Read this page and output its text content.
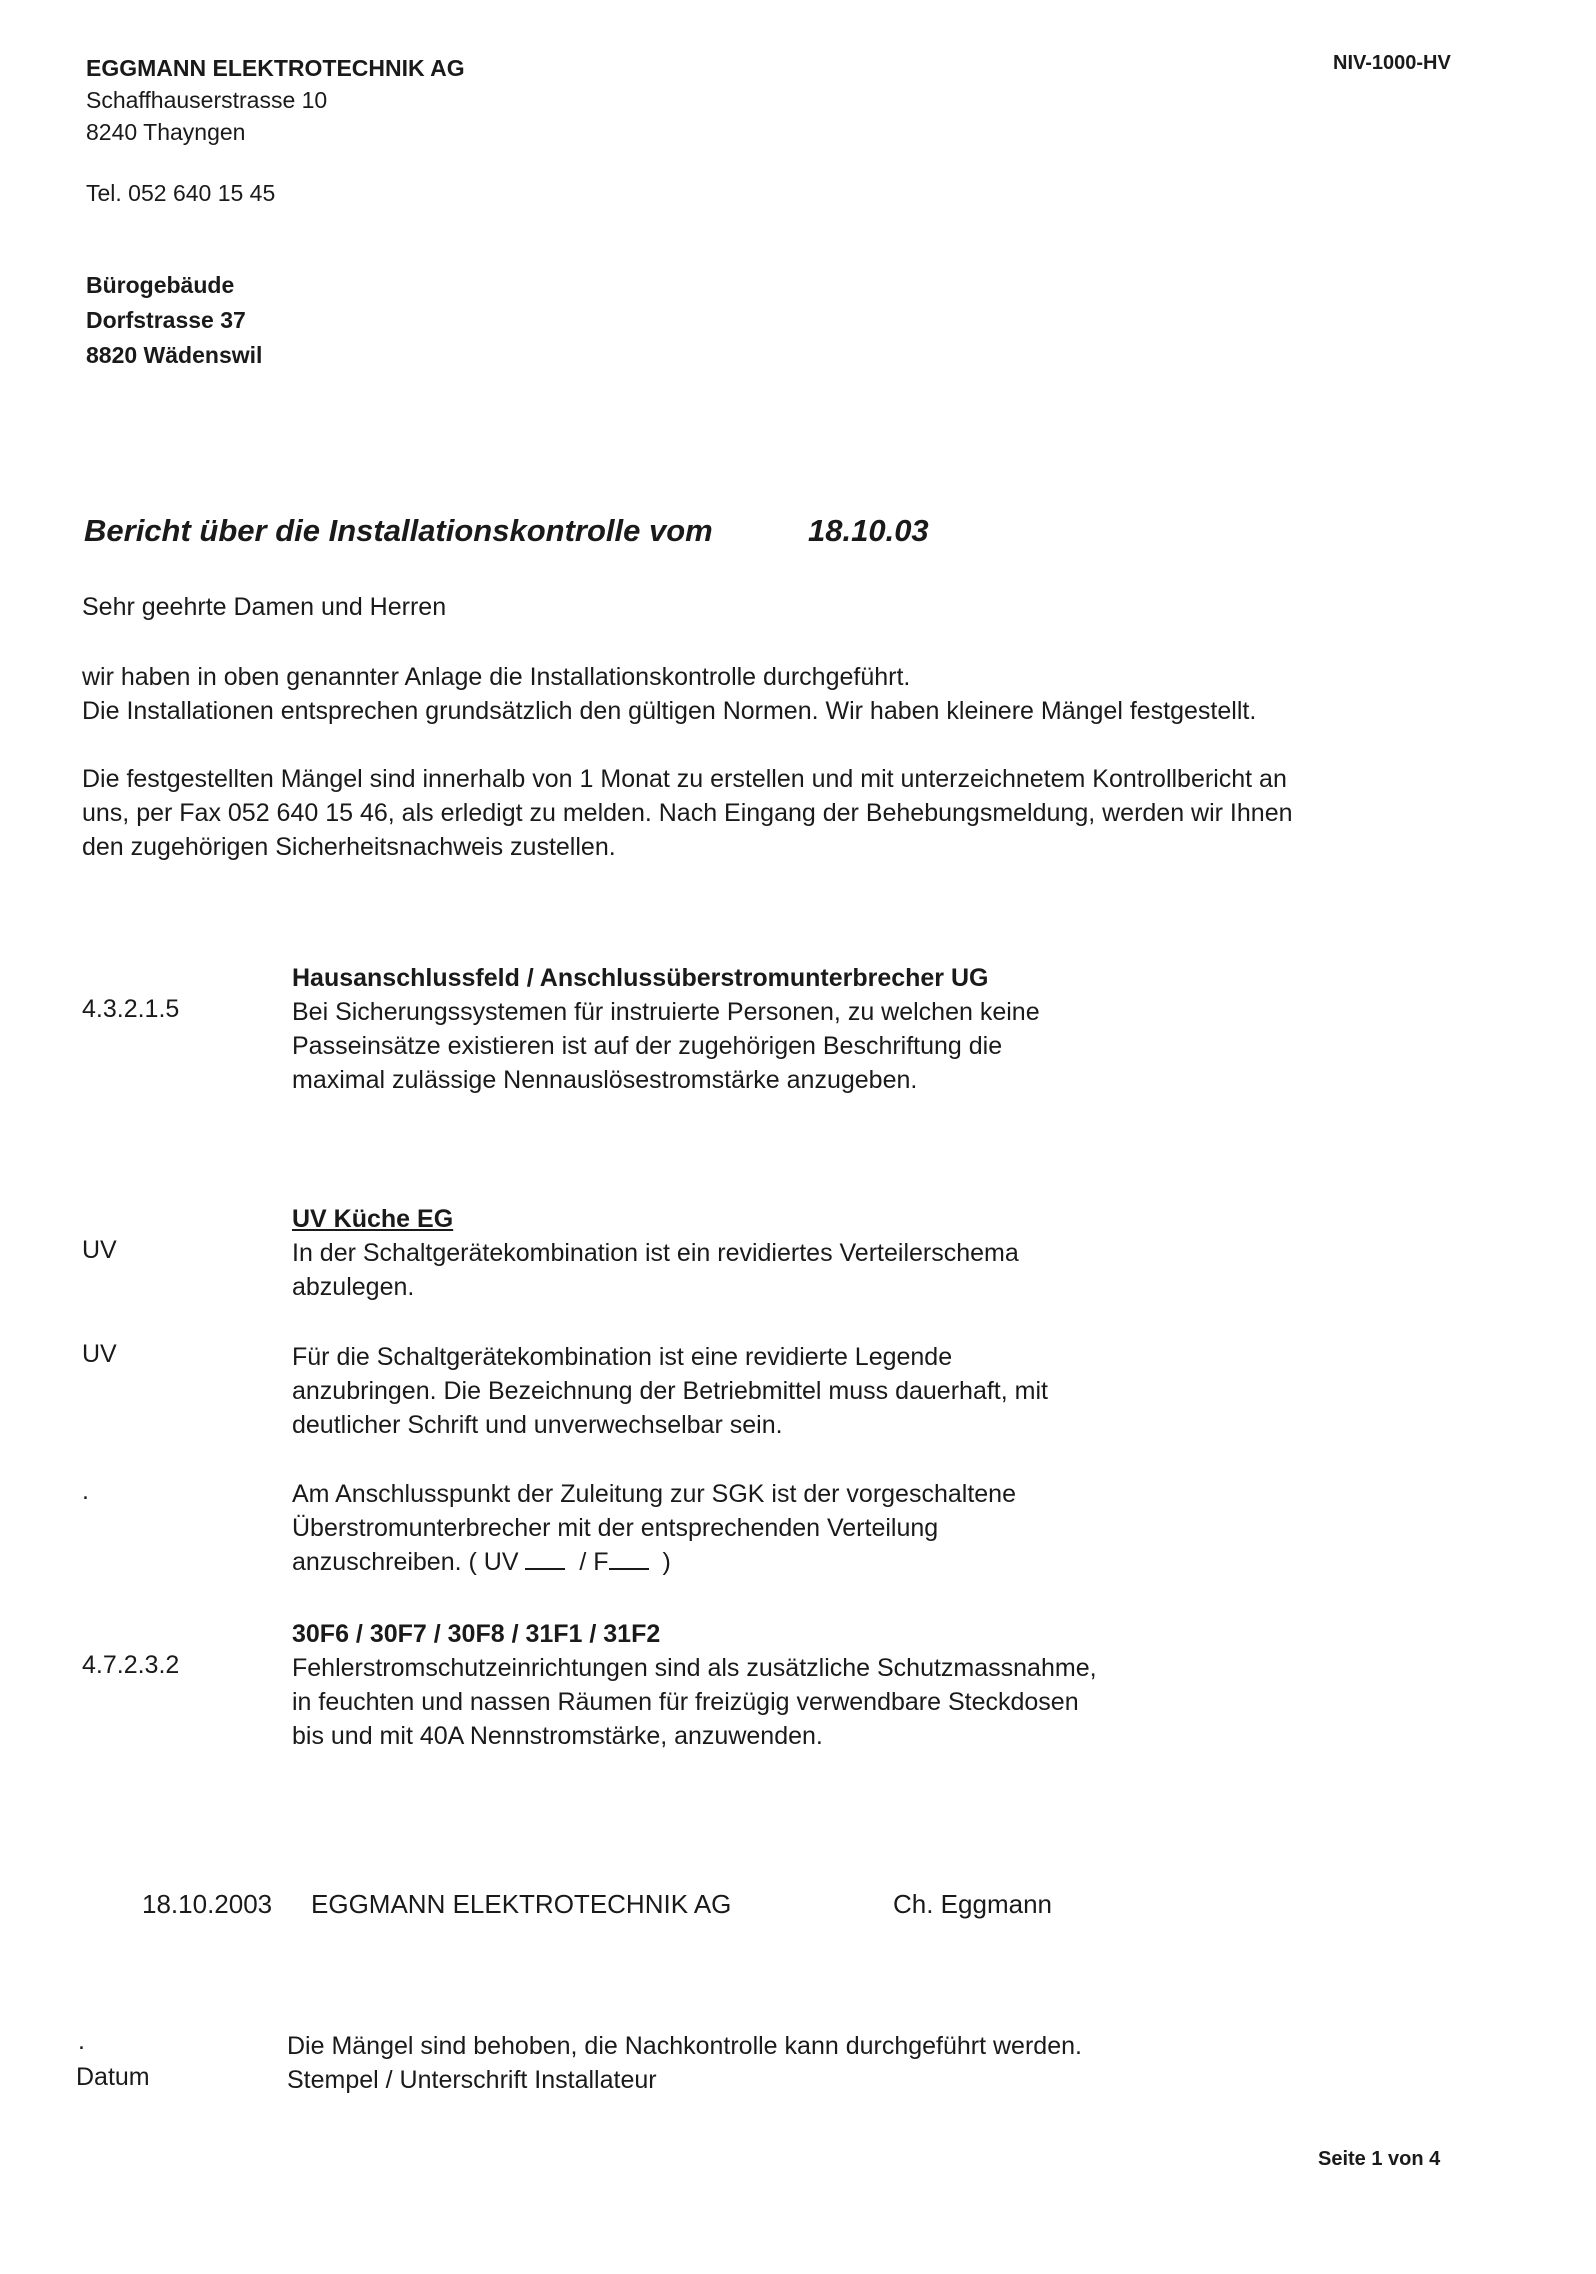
EGGMANN ELEKTROTECHNIK AG
Schaffhauserstrasse 10
8240 Thayngen
Tel. 052 640 15 45
NIV-1000-HV
Bürogebäude
Dorfstrasse 37
8820 Wädenswil
Bericht über die Installationskontrolle vom	18.10.03
Sehr geehrte Damen und Herren
wir haben in oben genannter Anlage die Installationskontrolle durchgeführt.
Die Installationen entsprechen grundsätzlich den gültigen Normen. Wir haben kleinere Mängel festgestellt.
Die festgestellten Mängel sind innerhalb von 1 Monat zu erstellen und mit unterzeichnetem Kontrollbericht an
uns, per Fax 052 640 15 46, als erledigt zu melden. Nach Eingang der Behebungsmeldung, werden wir Ihnen
den zugehörigen Sicherheitsnachweis zustellen.
Hausanschlussfeld / Anschlussüberstromunterbrecher UG
Bei Sicherungssystemen für instruierte Personen, zu welchen keine
Passeinsätze existieren ist auf der zugehörigen Beschriftung die
maximal zulässige Nennauslösestromstärke anzugeben.
4.3.2.1.5
UV Küche EG
In der Schaltgerätekombination ist ein revidiertes Verteilerschema
abzulegen.
UV
Für die Schaltgerätekombination ist eine revidierte Legende
anzubringen. Die Bezeichnung der Betriebmittel muss dauerhaft, mit
deutlicher Schrift und unverwechselbar sein.
UV
Am Anschlusspunkt der Zuleitung zur SGK ist der vorgeschaltene
Überstromunterbrecher mit der entsprechenden Verteilung
anzuschreiben. ( UV / F )
.
30F6 / 30F7 / 30F8 / 31F1 / 31F2
Fehlerstromschutzeinrichtungen sind als zusätzliche Schutzmassnahme,
in feuchten und nassen Räumen für freizügig verwendbare Steckdosen
bis und mit 40A Nennstromstärke, anzuwenden.
4.7.2.3.2
18.10.2003 EGGMANN ELEKTROTECHNIK AG	Ch. Eggmann
.
Datum
Die Mängel sind behoben, die Nachkontrolle kann durchgeführt werden.
Stempel / Unterschrift Installateur
Seite 1 von 4
